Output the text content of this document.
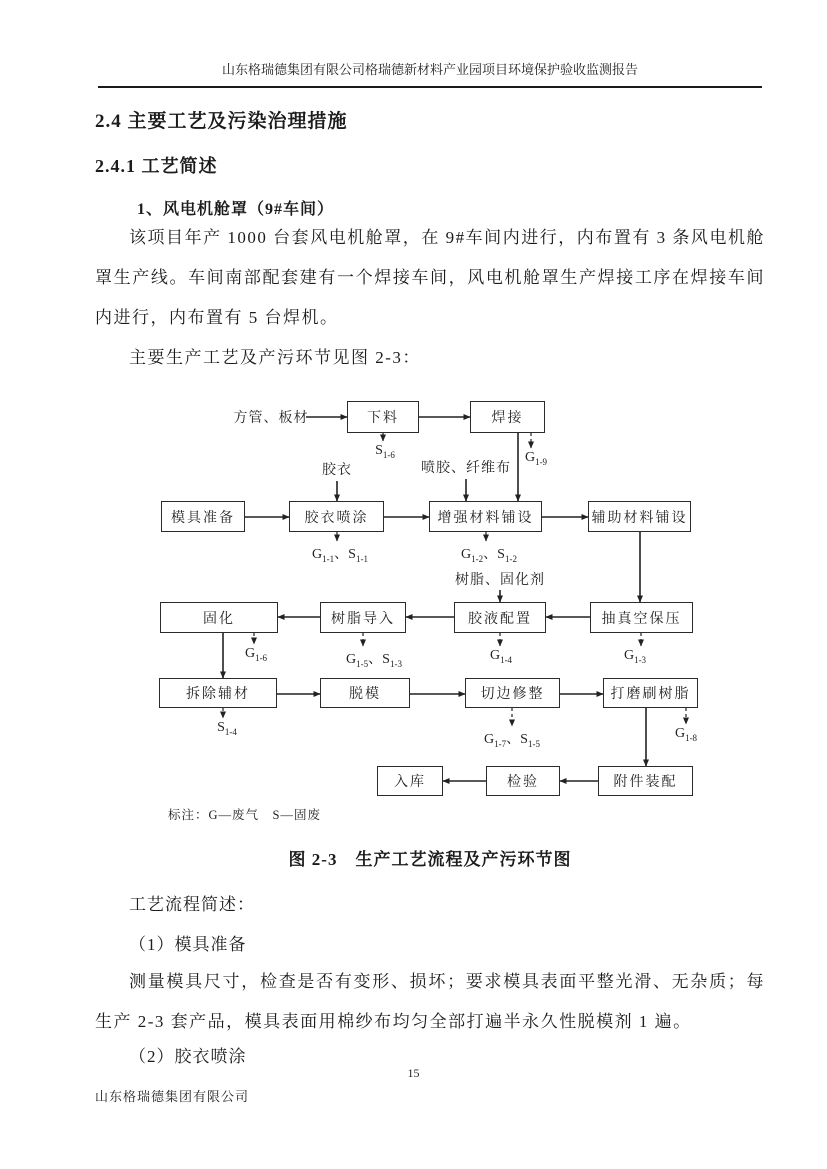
山东格瑞德集团有限公司格瑞德新材料产业园项目环境保护验收监测报告
2.4 主要工艺及污染治理措施
2.4.1 工艺简述
1、风电机舱罩（9#车间）
该项目年产 1000 台套风电机舱罩，在 9#车间内进行，内布置有 3 条风电机舱罩生产线。车间南部配套建有一个焊接车间，风电机舱罩生产焊接工序在焊接车间内进行，内布置有 5 台焊机。
主要生产工艺及产污环节见图 2-3：
标注：G—废气　S—固废
下料	焊接
模具准备	胶衣喷涂	增强材料铺设	辅助材料铺设
固化	树脂导入	胶液配置	抽真空保压
拆除辅材	脱模	切边修整	打磨刷树脂
入库	检验	附件装配
方管、板材
胶衣	喷胶、纤维布
树脂、固化剂
$S_{1-6}$	$G_{1-9}$
$G_{1-1}$、$S_{1-1}$	$G_{1-2}$、$S_{1-2}$
$G_{1-6}$	$G_{1-5}$、$S_{1-3}$
$G_{1-4}$	$G_{1-3}$
$S_{1-4}$
$G_{1-7}$、$S_{1-5}$
$G_{1-8}$
图 2-3　生产工艺流程及产污环节图
工艺流程简述：
（1）模具准备
测量模具尺寸，检查是否有变形、损坏；要求模具表面平整光滑、无杂质；每生产 2-3 套产品，模具表面用棉纱布均匀全部打遍半永久性脱模剂 1 遍。
（2）胶衣喷涂
15
山东格瑞德集团有限公司
